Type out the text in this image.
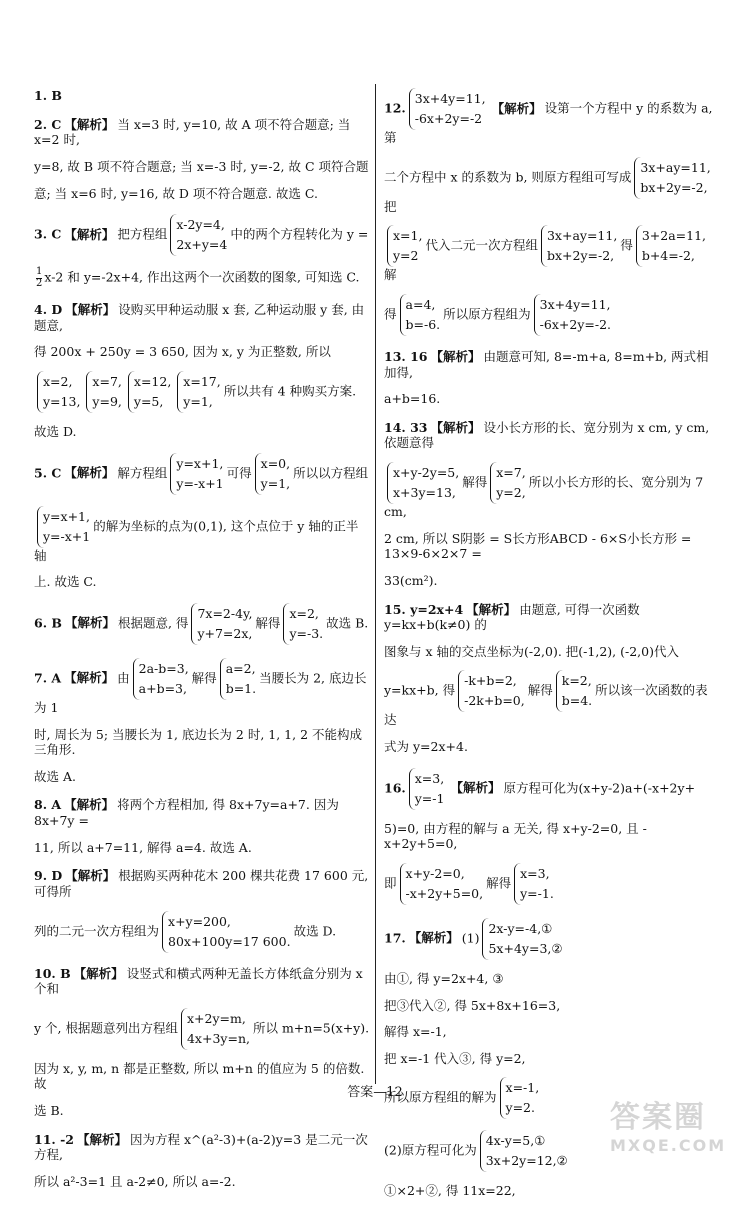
1. B

2. C 【解析】 当 x=3 时, y=10, 故 A 项不符合题意; 当 x=2 时,

y=8, 故 B 项不符合题意; 当 x=-3 时, y=-2, 故 C 项符合题

意; 当 x=6 时, y=16, 故 D 项不符合题意. 故选 C.

3. C 【解析】 把方程组
x-2y=4,
2x+y=4
中的两个方程转化为 y =

$\frac{1}{2} x-2$ 和 y=-2x+4, 作出这两个一次函数的图象, 可知选 C.

4. D 【解析】 设购买甲种运动服 x 套, 乙种运动服 y 套, 由题意,

得 200x + 250y = 3 650, 因为 x, y 为正整数, 所以

x=2,
y=13,
x=7,
y=9,
x=12,
y=5,
x=17,
y=1,
所以共有 4 种购买方案.

故选 D.

5. C 【解析】 解方程组
y=x+1,
y=-x+1
可得
x=0,
y=1,
所以以方程组

y=x+1,
y=-x+1
的解为坐标的点为(0,1), 这个点位于 y 轴的正半轴

上. 故选 C.

6. B 【解析】 根据题意, 得
7x=2-4y,
y+7=2x,
解得
x=2,
y=-3.
故选 B.

7. A 【解析】 由
2a-b=3,
a+b=3,
解得
a=2,
b=1.
当腰长为 2, 底边长为 1

时, 周长为 5; 当腰长为 1, 底边长为 2 时, 1, 1, 2 不能构成三角形.

故选 A.

8. A 【解析】 将两个方程相加, 得 8x+7y=a+7. 因为 8x+7y =

11, 所以 a+7=11, 解得 a=4. 故选 A.

9. D 【解析】 根据购买两种花木 200 棵共花费 17 600 元, 可得所

列的二元一次方程组为
x+y=200,
80x+100y=17 600.
故选 D.

10. B 【解析】 设竖式和横式两种无盖长方体纸盒分别为 x 个和

y 个, 根据题意列出方程组
x+2y=m,
4x+3y=n,
所以 m+n=5(x+y).

因为 x, y, m, n 都是正整数, 所以 m+n 的值应为 5 的倍数. 故

选 B.

11. -2 【解析】 因为方程 x^(a²-3)+(a-2)y=3 是二元一次方程,

所以 a²-3=1 且 a-2≠0, 所以 a=-2.

12.
3x+4y=11,
-6x+2y=-2
【解析】 设第一个方程中 y 的系数为 a, 第

二个方程中 x 的系数为 b, 则原方程组可写成
3x+ay=11,
bx+2y=-2,
把

x=1,
y=2
代入二元一次方程组
3x+ay=11,
bx+2y=-2,
得
3+2a=11,
b+4=-2,
解

得
a=4,
b=-6.
所以原方程组为
3x+4y=11,
-6x+2y=-2.

13. 16 【解析】 由题意可知, 8=-m+a, 8=m+b, 两式相加得,

a+b=16.

14. 33 【解析】 设小长方形的长、宽分别为 x cm, y cm, 依题意得

x+y-2y=5,
x+3y=13,
解得
x=7,
y=2,
所以小长方形的长、宽分别为 7 cm,

2 cm, 所以 S阴影 = S长方形ABCD - 6×S小长方形 = 13×9-6×2×7 =

33(cm²).

15. y=2x+4 【解析】 由题意, 可得一次函数 y=kx+b(k≠0) 的

图象与 x 轴的交点坐标为(-2,0). 把(-1,2), (-2,0)代入

y=kx+b, 得
-k+b=2,
-2k+b=0,
解得
k=2,
b=4.
所以该一次函数的表达

式为 y=2x+4.

16.
x=3,
y=-1
【解析】 原方程可化为(x+y-2)a+(-x+2y+

5)=0, 由方程的解与 a 无关, 得 x+y-2=0, 且 -x+2y+5=0,

即
x+y-2=0,
-x+2y+5=0,
解得
x=3,
y=-1.

17. 【解析】 (1)
2x-y=-4,①
5x+4y=3,②

由①, 得 y=2x+4, ③

把③代入②, 得 5x+8x+16=3,

解得 x=-1,

把 x=-1 代入③, 得 y=2,

所以原方程组的解为
x=-1,
y=2.

(2)原方程可化为
4x-y=5,①
3x+2y=12,②

①×2+②, 得 11x=22,

答案—12
答案圈
MXQE.COM
